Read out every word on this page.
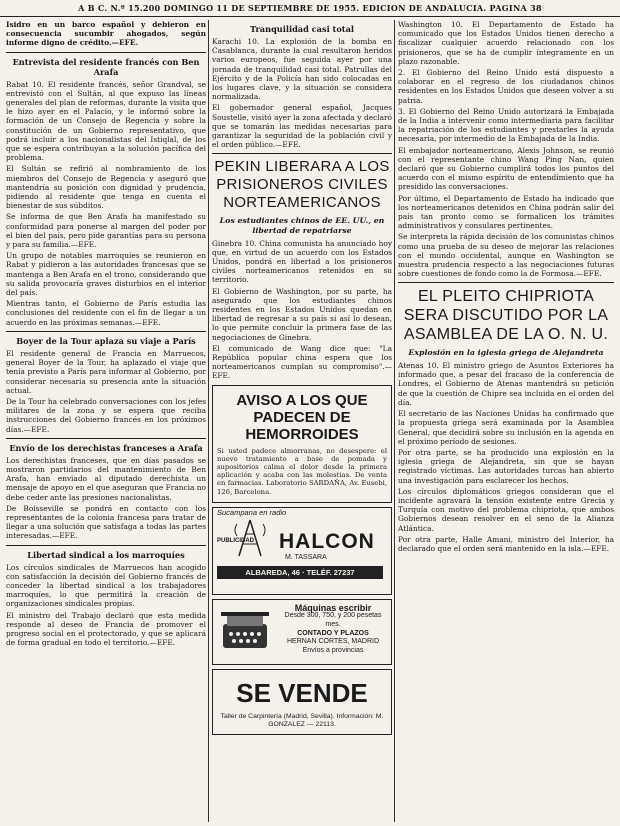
A B C. N.º 15.200 DOMINGO 11 DE SEPTIEMBRE DE 1955. EDICION DE ANDALUCIA. PAGINA 38

Isidro en un barco español y debieron en consecuencia sucumbir ahogados, según informe digno de crédito.—EFE.

Entrevista del residente francés con Ben Arafa

Rabat 10. El residente francés, señor Grandval, se entrevistó con el Sultán, al que expuso las líneas generales del plan de reformas, durante la visita que le hizo ayer en el Palacio, y le informó sobre la formación de un Consejo de Regencia y sobre la constitución de un Gobierno representativo, que podrá incluir a los nacionalistas del Istiqlal, de los que se espera contribuyan a la solución pacífica del problema.

El Sultán se refirió al nombramiento de los miembros del Consejo de Regencia y aseguró que mantendría su posición con dignidad y prudencia, pidiendo al residente que tenga en cuenta el bienestar de sus súbditos.

Se informa de que Ben Arafa ha manifestado su conformidad para ponerse al margen del poder por el bien del país, pero pide garantías para su persona y para su familia.—EFE.

Un grupo de notables marroquíes se reunieron en Rabat y pidieron a las autoridades francesas que se mantenga a Ben Arafa en el trono, considerando que su salida provocaría graves disturbios en el interior del país.

Mientras tanto, el Gobierno de París estudia las conclusiones del residente con el fin de llegar a un acuerdo en las próximas semanas.—EFE.

Boyer de la Tour aplaza su viaje a París

El residente general de Francia en Marruecos, general Boyer de la Tour, ha aplazado el viaje que tenía previsto a París para informar al Gobierno, por considerar necesaria su presencia ante la situación actual.

De la Tour ha celebrado conversaciones con los jefes militares de la zona y se espera que reciba instrucciones del Gobierno francés en los próximos días.—EFE.

Envío de los derechistas franceses a Arafa

Los derechistas franceses, que en días pasados se mostraron partidarios del mantenimiento de Ben Arafa, han enviado al diputado derechista un mensaje de apoyo en el que aseguran que Francia no debe ceder ante las presiones nacionalistas.

De Boisseville se pondrá en contacto con los representantes de la colonia francesa para tratar de llegar a una solución que satisfaga a todas las partes interesadas.—EFE.

Libertad sindical a los marroquíes

Los círculos sindicales de Marruecos han acogido con satisfacción la decisión del Gobierno francés de conceder la libertad sindical a los trabajadores marroquíes, lo que permitirá la creación de organizaciones sindicales propias.

El ministro del Trabajo declaró que esta medida responde al deseo de Francia de promover el progreso social en el protectorado, y que se aplicará de forma gradual en todo el territorio.—EFE.

Tranquilidad casi total

Karachi 10. La explosión de la bomba en Casablanca, durante la cual resultaron heridos varios europeos, fue seguida ayer por una jornada de tranquilidad casi total. Patrullas del Ejército y de la Policía han sido colocadas en los lugares clave, y la situación se considera normalizada.

El gobernador general español, Jacques Soustelle, visitó ayer la zona afectada y declaró que se tomarán las medidas necesarias para garantizar la seguridad de la población civil y el orden público.—EFE.

PEKIN LIBERARA A LOS PRISIONEROS CIVILES NORTEAMERICANOS
Los estudiantes chinos de EE. UU., en libertad de repatriarse

Ginebra 10. China comunista ha anunciado hoy que, en virtud de un acuerdo con los Estados Unidos, pondrá en libertad a los prisioneros civiles norteamericanos retenidos en su territorio.

El Gobierno de Washington, por su parte, ha asegurado que los estudiantes chinos residentes en los Estados Unidos quedan en libertad de regresar a su país si así lo desean, lo que permite concluir la primera fase de las negociaciones de Ginebra.

El comunicado de Wang dice que: "La República popular china espera que los norteamericanos cumplan su compromiso".—EFE.

AVISO A LOS QUE PADECEN DE HEMORROIDES

Si usted padece almorranas, no desespere: el nuevo tratamiento a base de pomada y supositorios calma el dolor desde la primera aplicación y acaba con las molestias. De venta en farmacias. Laboratorio SARDAÑA, Av. Eusebi, 126, Barcelona.

Sucampana en radio
PUBLICIDAD HALCON
M. TASSARA
ALBAREDA, 46 · TELÉF. 27237
Máquinas escribir
Desde 300, 750, y 200 pesetas mes.
CONTADO Y PLAZOS
HERNAN CORTES, MADRID
Envíos a provincias
SE VENDE
Taller de Carpintería (Madrid, Sevilla). Información: M. GONZALEZ — 22113.

Washington 10. El Departamento de Estado ha comunicado que los Estados Unidos tienen derecho a fiscalizar cualquier acuerdo relacionado con los prisioneros, que se ha de cumplir íntegramente en un plazo razonable.

2. El Gobierno del Reino Unido está dispuesto a colaborar en el regreso de los ciudadanos chinos residentes en los Estados Unidos que deseen volver a su patria.

3. El Gobierno del Reino Unido autorizará la Embajada de la India a intervenir como intermediaria para facilitar la repatriación de los estudiantes y prestarles la ayuda necesaria, por intermedio de la Embajada de la India.

El embajador norteamericano, Alexis Johnson, se reunió con el representante chino Wang Ping Nan, quien declaró que su Gobierno cumplirá todos los puntos del acuerdo con el mismo espíritu de entendimiento que ha presidido las conversaciones.

Por último, el Departamento de Estado ha indicado que los norteamericanos detenidos en China podrán salir del país tan pronto como se formalicen los trámites administrativos y consulares pertinentes.

Se interpreta la rápida decisión de los comunistas chinos como una prueba de su deseo de mejorar las relaciones con el mundo occidental, aunque en Washington se muestra prudencia respecto a las negociaciones futuras sobre cuestiones de fondo como la de Formosa.—EFE.

EL PLEITO CHIPRIOTA SERA DISCUTIDO POR LA ASAMBLEA DE LA O. N. U.
Explosión en la iglesia griega de Alejandreta

Atenas 10. El ministro griego de Asuntos Exteriores ha informado que, a pesar del fracaso de la conferencia de Londres, el Gobierno de Atenas mantendrá su petición de que la cuestión de Chipre sea incluida en el orden del día.

El secretario de las Naciones Unidas ha confirmado que la propuesta griega será examinada por la Asamblea General, que decidirá sobre su inclusión en la agenda en el próximo período de sesiones.

Por otra parte, se ha producido una explosión en la iglesia griega de Alejandreta, sin que se hayan registrado víctimas. Las autoridades turcas han abierto una investigación para esclarecer los hechos.

Los círculos diplomáticos griegos consideran que el incidente agravará la tensión existente entre Grecia y Turquía con motivo del problema chipriota, que ambos Gobiernos desean resolver en el seno de la Alianza Atlántica.

Por otra parte, Halle Amani, ministro del Interior, ha declarado que el orden será mantenido en la isla.—EFE.
